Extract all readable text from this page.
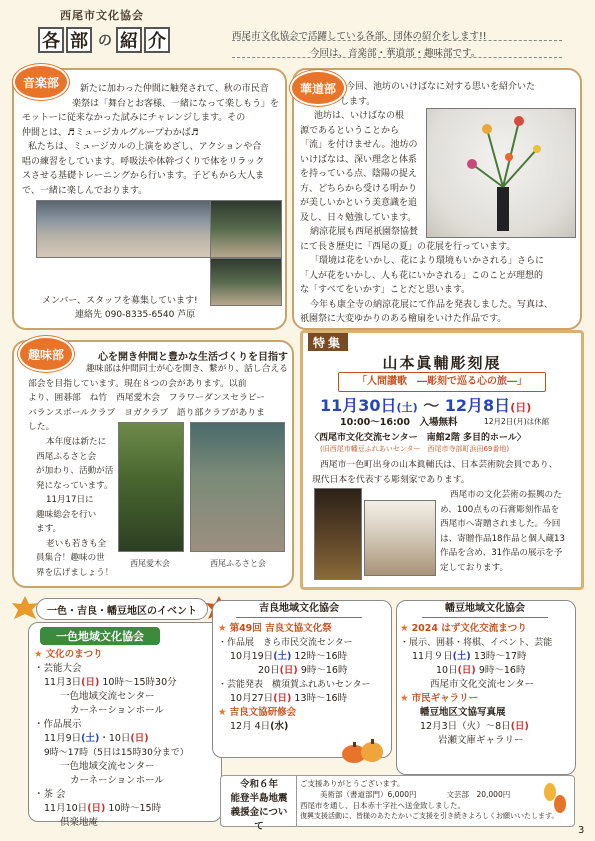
西尾市文化協会
各 部 の 紹 介	西尾市文化協会で活躍している各部、団体の紹介をします!!
今回は、音楽部・華道部・趣味部です。
音楽部	新たに加わった仲間に触発されて、秋の市民音
楽祭は「舞台とお客様、一緒になって楽しもう」を
モットーに従来なかった試みにチャレンジします。その
仲間とは、♬ミュージカルグループわかば♬
私たちは、ミュージカルの上演をめざし、アクションや合
唱の練習をしています。呼吸法や体幹づくりで体をリラック
スさせる基礎トレーニングから行います。子どもから大人ま
で、一緒に楽しんでおります。
メンバー、スタッフを募集しています!
連絡先 090-8335-6540 芦原
華道部	今回、池坊のいけばなに対する思いを紹介いた
します。
池坊は、いけばなの根
源であるということから
「流」を付けません。池坊の
いけばなは、深い理念と体系
を持っている点、陰陽の捉え
方、どちらから受ける明かり
が美しいかという美意識を追
及し、日々勉強しています。
納涼花展も西尾祇園祭協賛
にて長き歴史に「西尾の夏」の花展を行っています。
「環境は花をいかし、花により環境もいかされる」さらに
「人が花をいかし、人も花にいかされる」このことが理想的
な「すべてをいかす」ことだと思います。
今年も康全寺の納涼花展にて作品を発表しました。写真は、
祇園祭に大変ゆかりのある檜扇をいけた作品です。
趣味部	心を開き仲間と豊かな生活づくりを目指す
趣味部は仲間同士が心を開き、繋がり、話し合える
部会を目指しています。現在８つの会があります。以前
より、囲碁部　ね竹　西尾愛木会　フラワーダンスセラピー
バランスボールクラブ　ヨガクラブ　語り部クラブがありま
した。
本年度は新たに
西尾ふるさと会
が加わり、活動が活
発になっています。
11月17日に
趣味総会を行い
ます。
老いも若きも全
員集合！趣味の世
界を広げましょう！
西尾愛木会	西尾ふるさと会
特集
山本眞輔彫刻展
「人間讃歌　―彫刻で巡る心の旅―」
11月30日(土) ～ 12月8日(日)
10:00～16:00　入場無料	12月2日(月)は休館
〈西尾市文化交流センター　南館2階 多目的ホール〉
(旧西尾市幡豆ふれあいセンター　西尾市寺部町浜田69番地)
西尾市一色町出身の山本眞輔氏は、日本芸術院会員であり、
現代日本を代表する彫刻家であります。
西尾市の文化芸術の振興のた
め、100点もの石膏彫刻作品を
西尾市へ寄贈されました。今回
は、寄贈作品18作品と個人蔵13
作品を含め、31作品の展示を予
定しております。
一色・吉良・幡豆地区のイベント
一色地域文化協会
★ 文化のまつり
・芸能大会
11月3日(日) 10時～15時30分
一色地域交流センター
カーネーションホール
・作品展示
11月9日(土)・10日(日)
9時～17時（5日は15時30分まで）
一色地域交流センター
カーネーションホール
・茶 会
11月10日(日) 10時～15時
倶楽地庵
吉良地域文化協会
★ 第49回 吉良文協文化祭
・作品展　きら市民交流センター
10月19日(土) 12時～16時
20日(日) 9時～16時
・芸能発表　横須賀ふれあいセンター
10月27日(日) 13時～16時
★ 吉良文協研修会
12月 4日(水)
幡豆地域文化協会
★ 2024 はず文化交流まつり
・展示、囲碁・将棋、イベント、芸能
11月９日(土) 13時～17時
10日(日) 9時～16時
西尾市文化交流センター
★ 市民ギャラリー
幡豆地区文協写真展
12月3日（火）～8日(日)
岩瀬文庫ギャラリー
令和６年
能登半島地震
義援金について
ご支援ありがとうございます。
美術部（書道部門）6,000円	文芸部　20,000円
西尾市を通し、日本赤十字社へ送金致しました。
復興支援活動に、皆様のあたたかいご支援を引き続きよろしくお願いいたします。
3
